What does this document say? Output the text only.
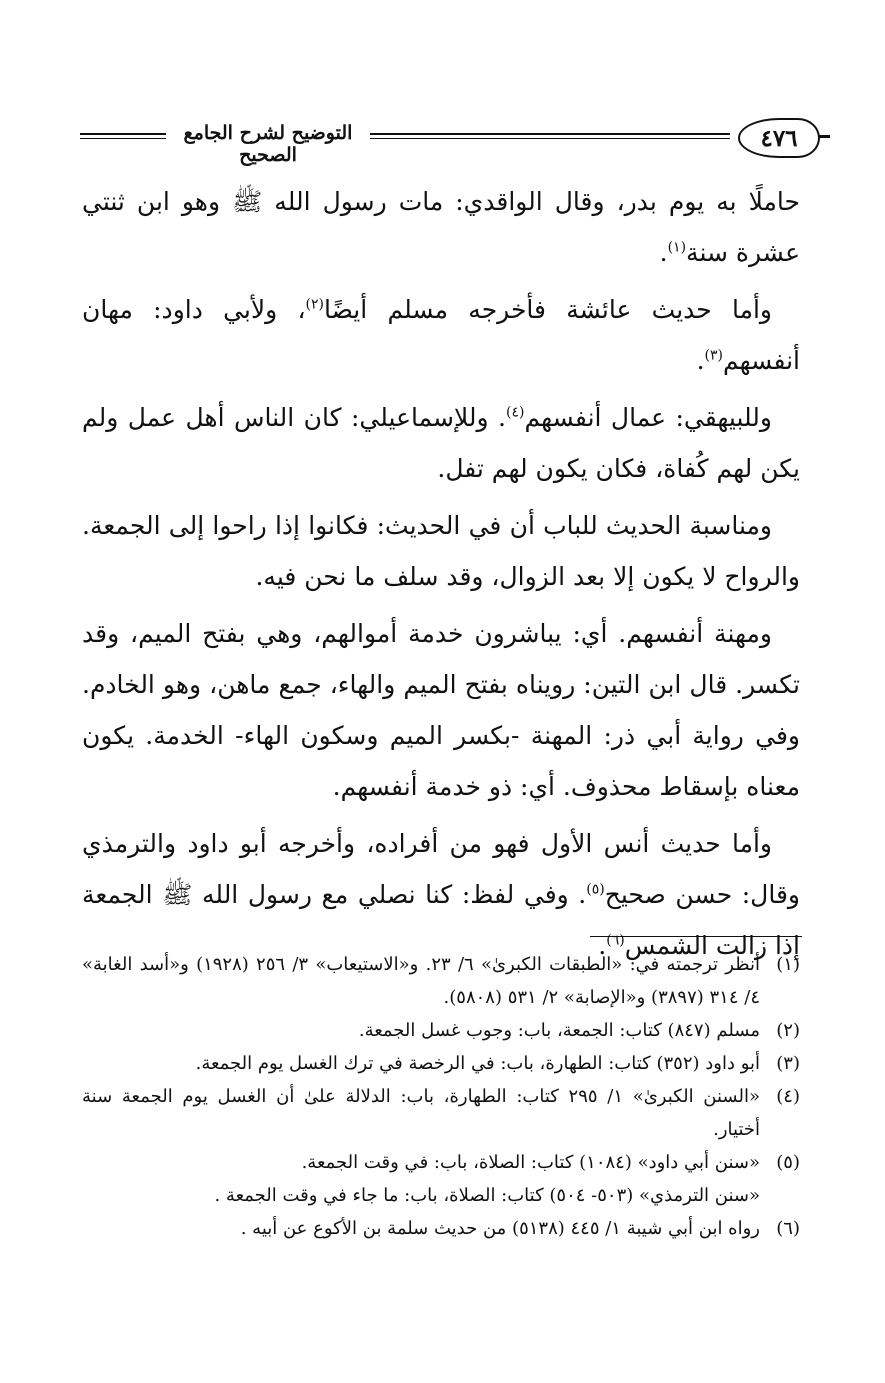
التوضيح لشرح الجامع الصحيح
٤٧٦

حاملًا به يوم بدر، وقال الواقدي: مات رسول الله ﷺ وهو ابن ثنتي عشرة سنة$^{(١)}$.

وأما حديث عائشة فأخرجه مسلم أيضًا$^{(٢)}$، ولأبي داود: مهان أنفسهم$^{(٣)}$.

وللبيهقي: عمال أنفسهم$^{(٤)}$. وللإسماعيلي: كان الناس أهل عمل ولم يكن لهم كُفاة، فكان يكون لهم تفل.

ومناسبة الحديث للباب أن في الحديث: فكانوا إذا راحوا إلى الجمعة. والرواح لا يكون إلا بعد الزوال، وقد سلف ما نحن فيه.

ومهنة أنفسهم. أي: يباشرون خدمة أموالهم، وهي بفتح الميم، وقد تكسر. قال ابن التين: رويناه بفتح الميم والهاء، جمع ماهن، وهو الخادم. وفي رواية أبي ذر: المهنة -بكسر الميم وسكون الهاء- الخدمة. يكون معناه بإسقاط محذوف. أي: ذو خدمة أنفسهم.

وأما حديث أنس الأول فهو من أفراده، وأخرجه أبو داود والترمذي وقال: حسن صحيح$^{(٥)}$. وفي لفظ: كنا نصلي مع رسول الله ﷺ الجمعة إذا زالت الشمس$^{(٦)}$.

(١)
أنظر ترجمته في: «الطبقات الكبرىٰ» ٦/ ٢٣. و«الاستيعاب» ٣/ ٢٥٦ (١٩٢٨) و«أسد الغابة» ٤/ ٣١٤ (٣٨٩٧) و«الإصابة» ٢/ ٥٣١ (٥٨٠٨).
(٢)
مسلم (٨٤٧) كتاب: الجمعة، باب: وجوب غسل الجمعة.
(٣)
أبو داود (٣٥٢) كتاب: الطهارة، باب: في الرخصة في ترك الغسل يوم الجمعة.
(٤)
«السنن الكبرىٰ» ١/ ٢٩٥ كتاب: الطهارة، باب: الدلالة علىٰ أن الغسل يوم الجمعة سنة أختيار.
(٥)
«سنن أبي داود» (١٠٨٤) كتاب: الصلاة، باب: في وقت الجمعة.
«سنن الترمذي» (٥٠٣- ٥٠٤) كتاب: الصلاة، باب: ما جاء في وقت الجمعة .
(٦)
رواه ابن أبي شيبة ١/ ٤٤٥ (٥١٣٨) من حديث سلمة بن الأكوع عن أبيه .
